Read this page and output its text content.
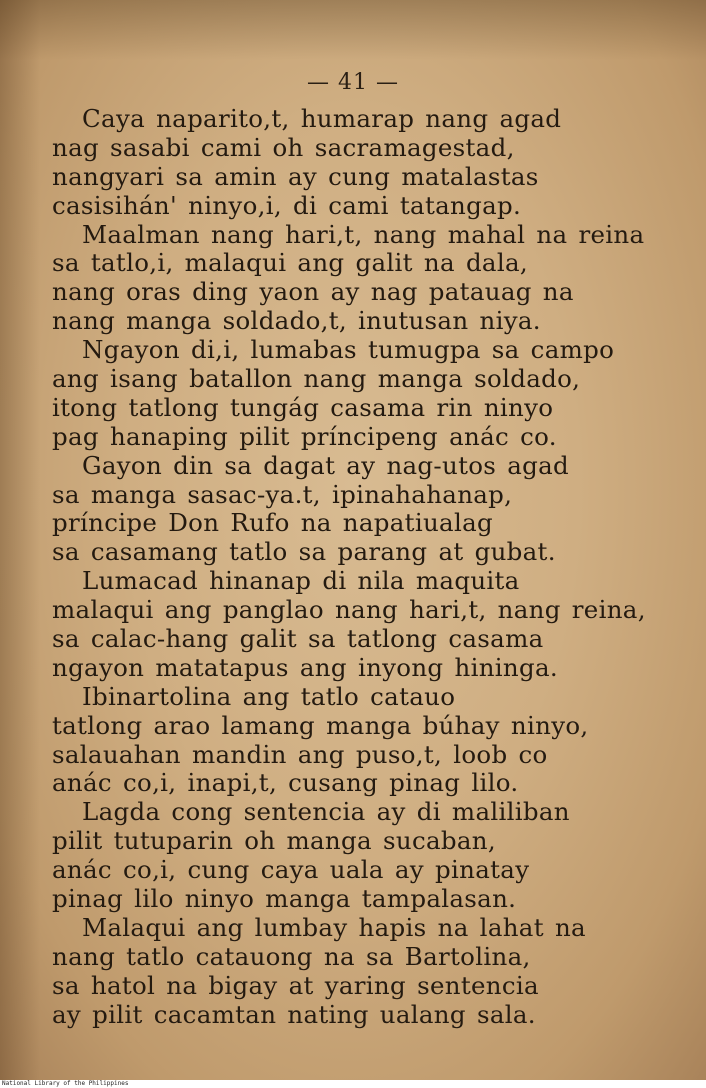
— 41 —
Caya naparito,t, humarap nang agad
nag sasabi cami oh sacramagestad,
nangyari sa amin ay cung matalastas
casisihán' ninyo,i, di cami tatangap.
Maalman nang hari,t, nang mahal na reina
sa tatlo,i, malaqui ang galit na dala,
nang oras ding yaon ay nag patauag na
nang manga soldado,t, inutusan niya.
Ngayon di,i, lumabas tumugpa sa campo
ang isang batallon nang manga soldado,
itong tatlong tungág casama rin ninyo
pag hanaping pilit príncipeng anác co.
Gayon din sa dagat ay nag-utos agad
sa manga sasac-ya.t, ipinahahanap,
príncipe Don Rufo na napatiualag
sa casamang tatlo sa parang at gubat.
Lumacad hinanap di nila maquita
malaqui ang panglao nang hari,t, nang reina,
sa calac-hang galit sa tatlong casama
ngayon matatapus ang inyong hininga.
Ibinartolina ang tatlo catauo
tatlong arao lamang manga búhay ninyo,
salauahan mandin ang puso,t, loob co
anác co,i, inapi,t, cusang pinag lilo.
Lagda cong sentencia ay di maliliban
pilit tutuparin oh manga sucaban,
anác co,i, cung caya uala ay pinatay
pinag lilo ninyo manga tampalasan.
Malaqui ang lumbay hapis na lahat na
nang tatlo catauong na sa Bartolina,
sa hatol na bigay at yaring sentencia
ay pilit cacamtan nating ualang sala.
National Library of the Philippines
